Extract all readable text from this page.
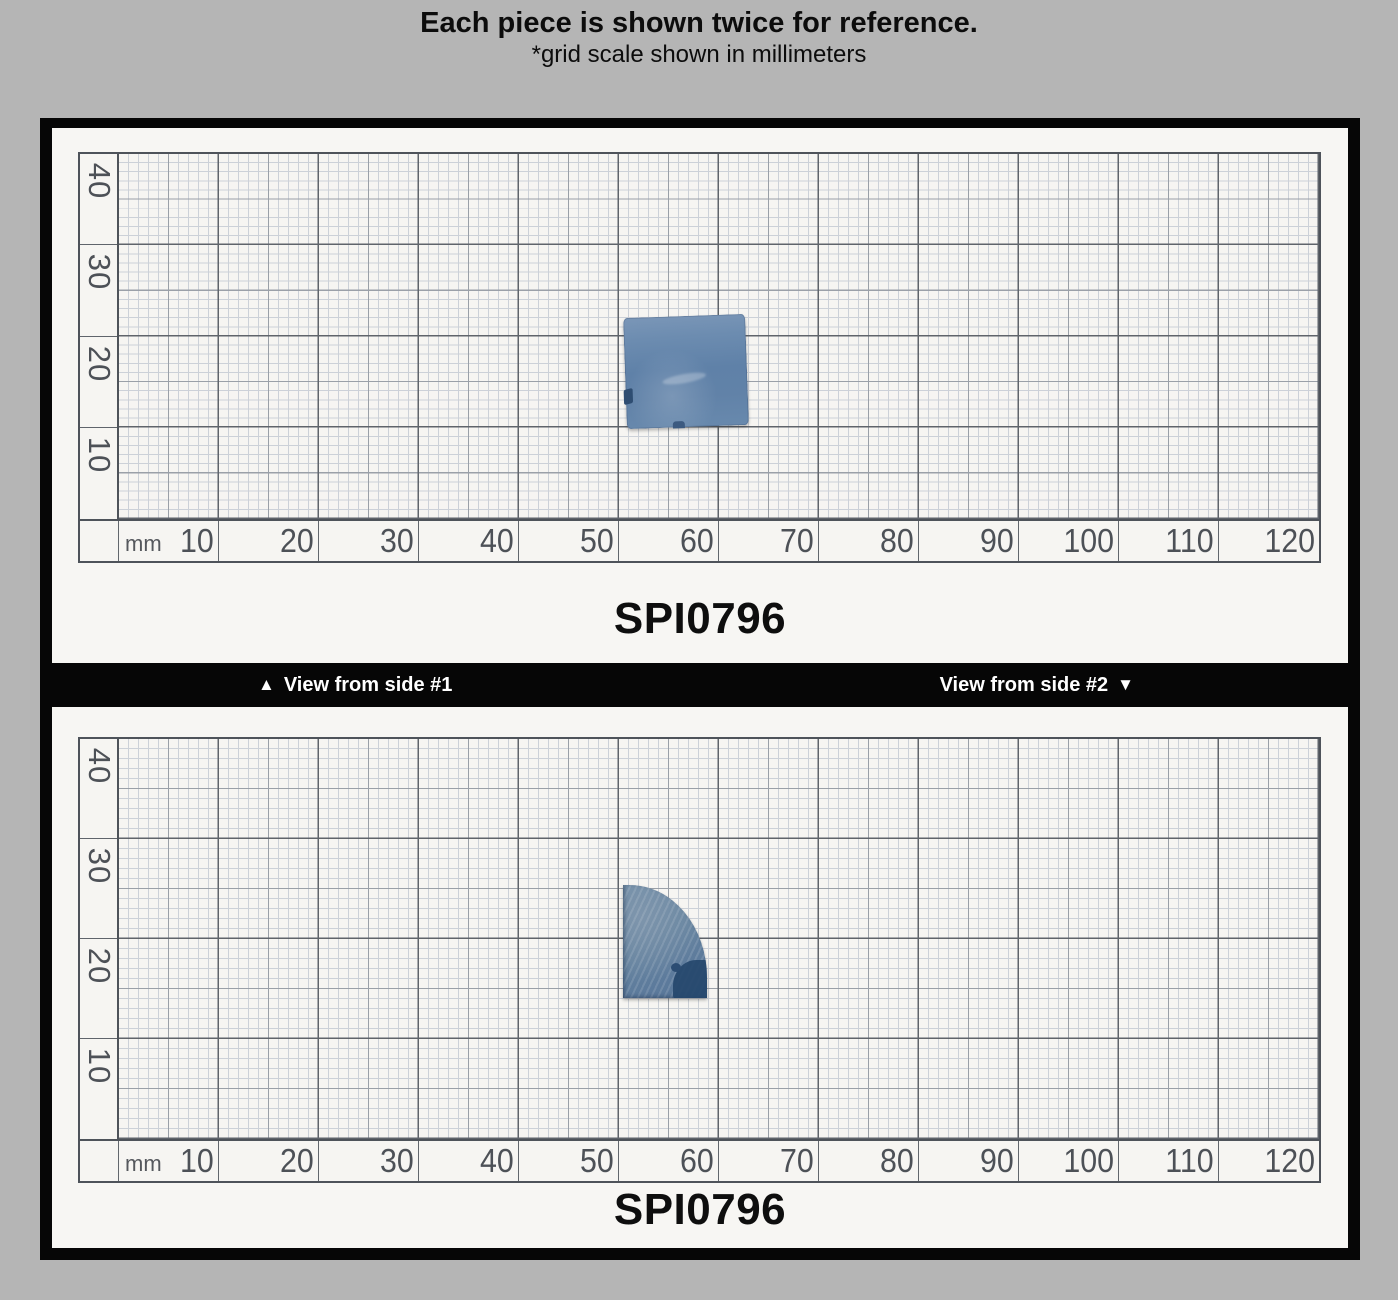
Each piece is shown twice for reference.
*grid scale shown in millimeters
40
30
20
10
mm 10 20 30 40 50 60 70 80 90 100 110 120
SPI0796
▲ View from side #1	View from side #2 ▼
40
30
20
10
mm 10 20 30 40 50 60 70 80 90 100 110 120
SPI0796
